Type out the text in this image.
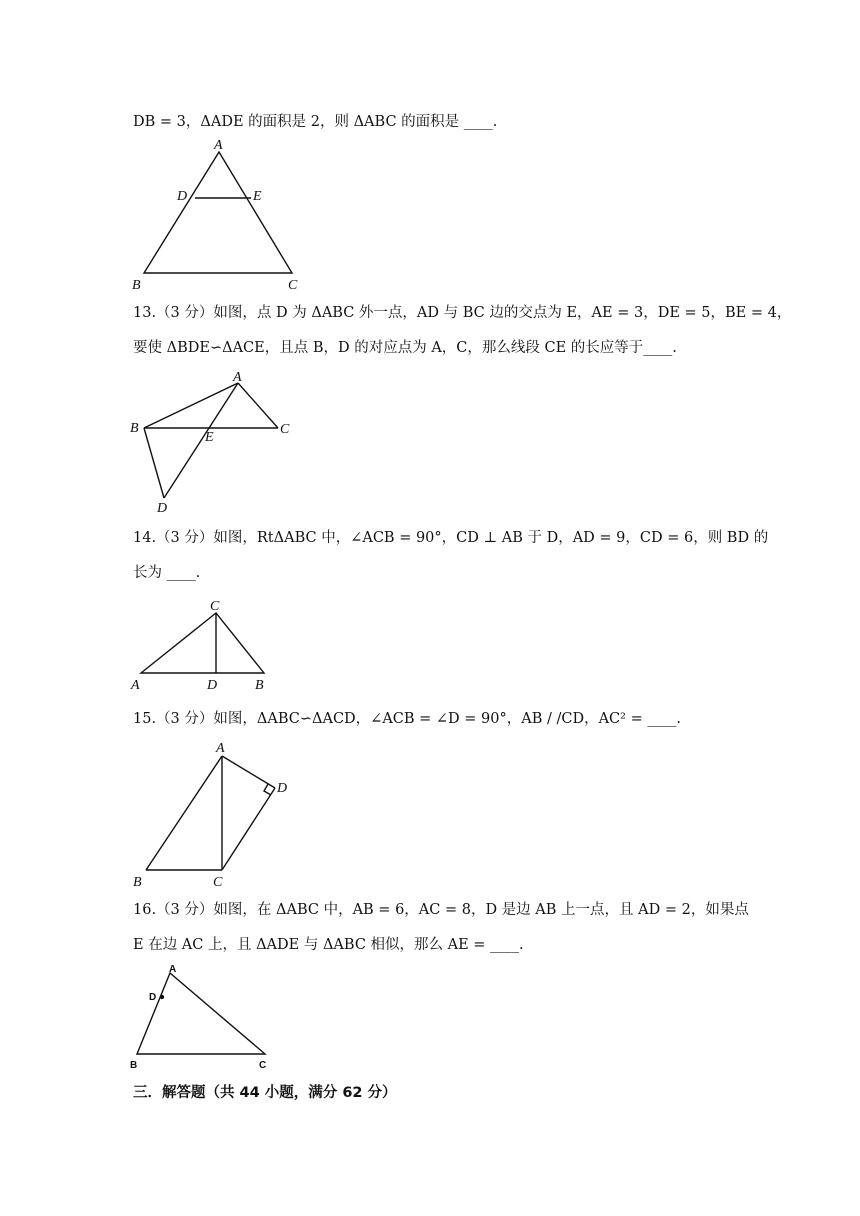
DB = 3，ΔADE 的面积是 2，则 ΔABC 的面积是 ____.
A
D	E
B	C
13.（3 分）如图，点 D 为 ΔABC 外一点，AD 与 BC 边的交点为 E，AE = 3，DE = 5，BE = 4，
要使 ΔBDE∽ΔACE，且点 B，D 的对应点为 A，C，那么线段 CE 的长应等于____.
A
B
E
C
D
14.（3 分）如图，RtΔABC 中，∠ACB = 90°，CD ⊥ AB 于 D，AD = 9，CD = 6，则 BD 的
长为 ____.
C
A	D	B
15.（3 分）如图，ΔABC∽ΔACD，∠ACB = ∠D = 90°，AB / /CD，AC² = ____.
A
D
B	C
16.（3 分）如图，在 ΔABC 中，AB = 6，AC = 8，D 是边 AB 上一点，且 AD = 2，如果点
E 在边 AC 上，且 ΔADE 与 ΔABC 相似，那么 AE = ____.
A
D
B	C
三．解答题（共 44 小题，满分 62 分）
